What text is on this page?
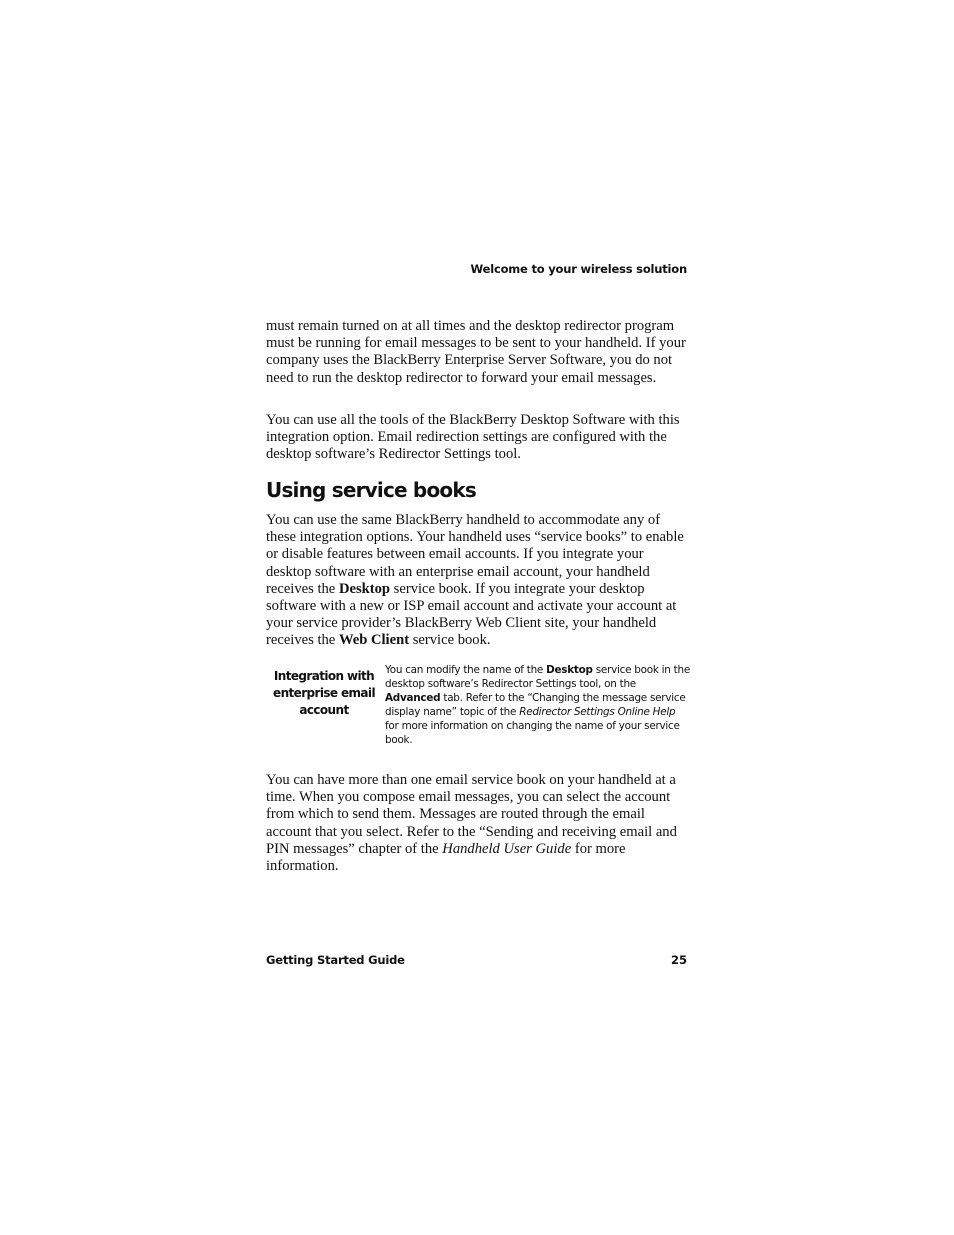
Welcome to your wireless solution

must remain turned on at all times and the desktop redirector program must be running for email messages to be sent to your handheld. If your company uses the BlackBerry Enterprise Server Software, you do not need to run the desktop redirector to forward your email messages.

You can use all the tools of the BlackBerry Desktop Software with this integration option. Email redirection settings are configured with the desktop software’s Redirector Settings tool.

Using service books

You can use the same BlackBerry handheld to accommodate any of these integration options. Your handheld uses “service books” to enable or disable features between email accounts. If you integrate your desktop software with an enterprise email account, your handheld receives the Desktop service book. If you integrate your desktop software with a new or ISP email account and activate your account at your service provider’s BlackBerry Web Client site, your handheld receives the Web Client service book.

Integration with enterprise email account
You can modify the name of the Desktop service book in the desktop software’s Redirector Settings tool, on the Advanced tab. Refer to the “Changing the message service display name” topic of the Redirector Settings Online Help for more information on changing the name of your service book.

You can have more than one email service book on your handheld at a time. When you compose email messages, you can select the account from which to send them. Messages are routed through the email account that you select. Refer to the “Sending and receiving email and PIN messages” chapter of the Handheld User Guide for more information.

Getting Started Guide	25
